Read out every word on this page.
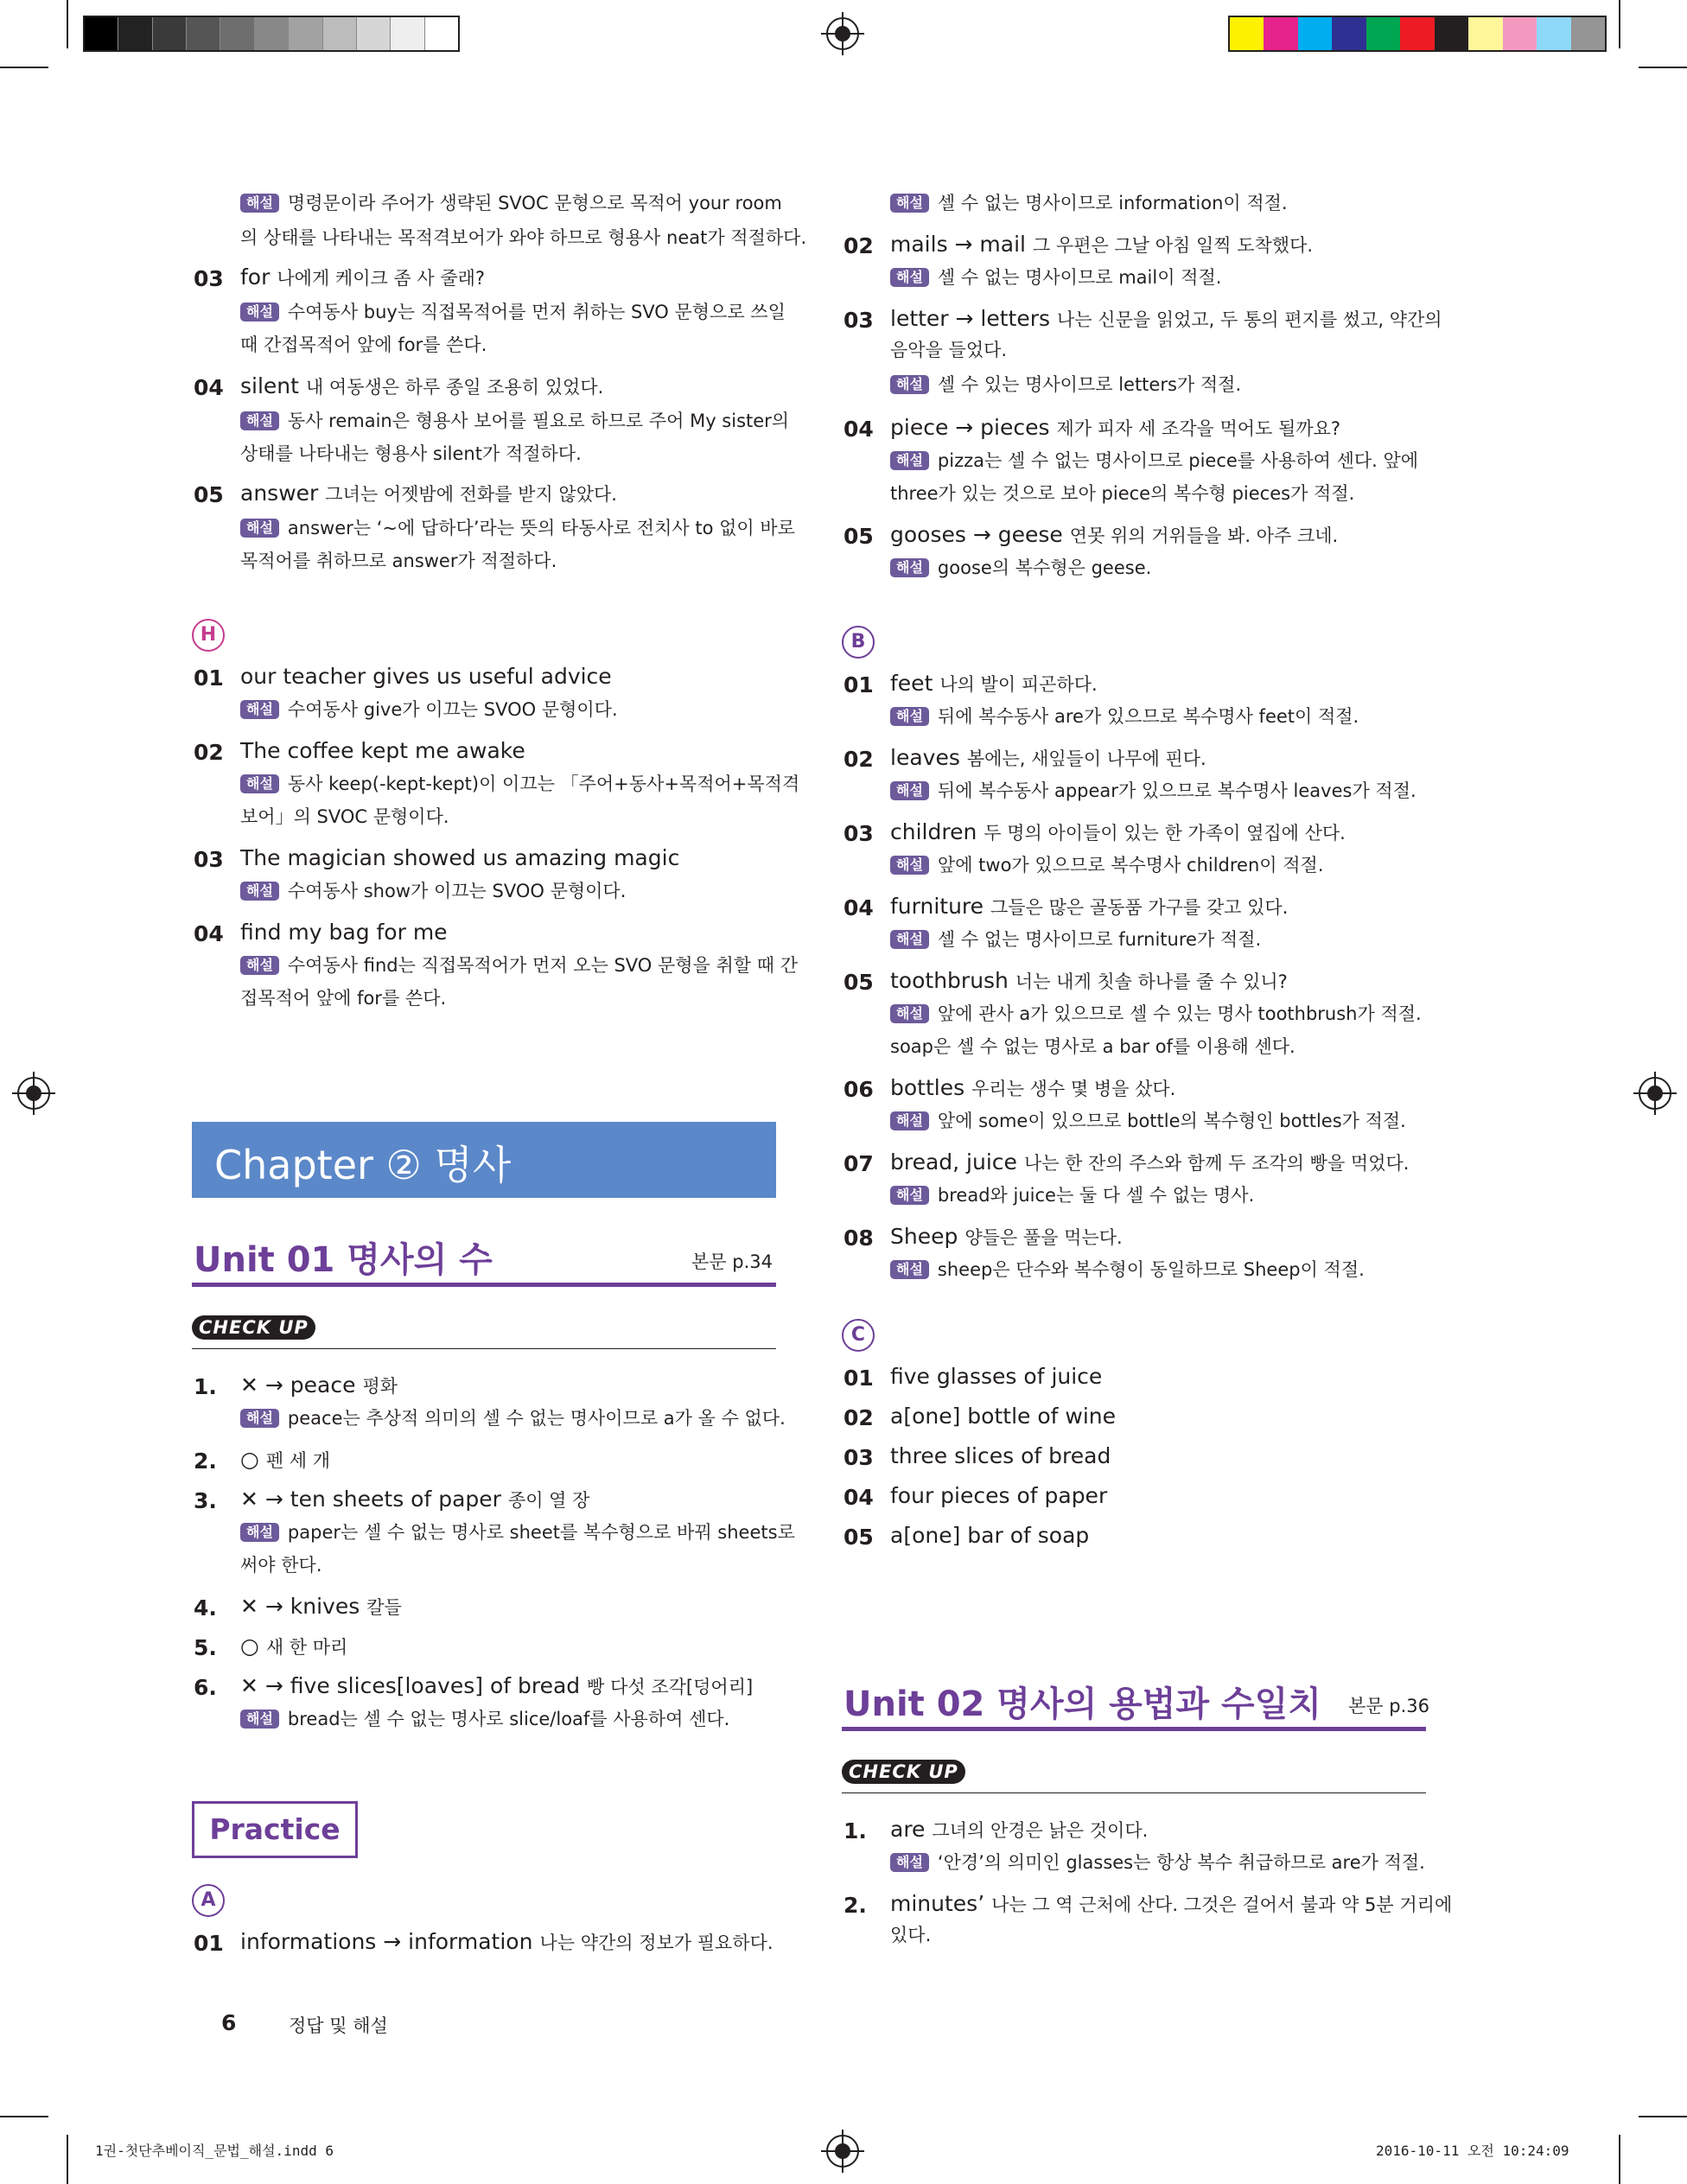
해설 명령문이라 주어가 생략된 SVOC 문형으로 목적어 your room
의 상태를 나타내는 목적격보어가 와야 하므로 형용사 neat가 적절하다.
03 for 나에게 케이크 좀 사 줄래?
해설 수여동사 buy는 직접목적어를 먼저 취하는 SVO 문형으로 쓰일
때 간접목적어 앞에 for를 쓴다.
04 silent 내 여동생은 하루 종일 조용히 있었다.
해설 동사 remain은 형용사 보어를 필요로 하므로 주어 My sister의
상태를 나타내는 형용사 silent가 적절하다.
05 answer 그녀는 어젯밤에 전화를 받지 않았다.
해설 answer는 ‘~에 답하다’라는 뜻의 타동사로 전치사 to 없이 바로
목적어를 취하므로 answer가 적절하다.
H
01 our teacher gives us useful advice
해설 수여동사 give가 이끄는 SVOO 문형이다.
02 The coffee kept me awake
해설 동사 keep(-kept-kept)이 이끄는 「주어+동사+목적어+목적격
보어」의 SVOC 문형이다.
03 The magician showed us amazing magic
해설 수여동사 show가 이끄는 SVOO 문형이다.
04 find my bag for me
해설 수여동사 find는 직접목적어가 먼저 오는 SVO 문형을 취할 때 간
접목적어 앞에 for를 쓴다.
Chapter ② 명사
Unit 01 명사의 수	본문 p.34
CHECK UP
1.	✕ → peace 평화
해설 peace는 추상적 의미의 셀 수 없는 명사이므로 a가 올 수 없다.
2.	○ 펜 세 개
3.	✕ → ten sheets of paper 종이 열 장
해설 paper는 셀 수 없는 명사로 sheet를 복수형으로 바꿔 sheets로
써야 한다.
4.	✕ → knives 칼들
5.	○ 새 한 마리
6.	✕ → five slices[loaves] of bread 빵 다섯 조각[덩어리]
해설 bread는 셀 수 없는 명사로 slice/loaf를 사용하여 센다.
Practice
A
01 informations → information 나는 약간의 정보가 필요하다.
6	정답 및 해설
해설 셀 수 없는 명사이므로 information이 적절.
02 mails → mail 그 우편은 그날 아침 일찍 도착했다.
해설 셀 수 없는 명사이므로 mail이 적절.
03 letter → letters 나는 신문을 읽었고, 두 통의 편지를 썼고, 약간의
음악을 들었다.
해설 셀 수 있는 명사이므로 letters가 적절.
04 piece → pieces 제가 피자 세 조각을 먹어도 될까요?
해설 pizza는 셀 수 없는 명사이므로 piece를 사용하여 센다. 앞에
three가 있는 것으로 보아 piece의 복수형 pieces가 적절.
05 gooses → geese 연못 위의 거위들을 봐. 아주 크네.
해설 goose의 복수형은 geese.
B
01 feet 나의 발이 피곤하다.
해설 뒤에 복수동사 are가 있으므로 복수명사 feet이 적절.
02 leaves 봄에는, 새잎들이 나무에 핀다.
해설 뒤에 복수동사 appear가 있으므로 복수명사 leaves가 적절.
03 children 두 명의 아이들이 있는 한 가족이 옆집에 산다.
해설 앞에 two가 있으므로 복수명사 children이 적절.
04 furniture 그들은 많은 골동품 가구를 갖고 있다.
해설 셀 수 없는 명사이므로 furniture가 적절.
05 toothbrush 너는 내게 칫솔 하나를 줄 수 있니?
해설 앞에 관사 a가 있으므로 셀 수 있는 명사 toothbrush가 적절.
soap은 셀 수 없는 명사로 a bar of를 이용해 센다.
06 bottles 우리는 생수 몇 병을 샀다.
해설 앞에 some이 있으므로 bottle의 복수형인 bottles가 적절.
07 bread, juice 나는 한 잔의 주스와 함께 두 조각의 빵을 먹었다.
해설 bread와 juice는 둘 다 셀 수 없는 명사.
08 Sheep 양들은 풀을 먹는다.
해설 sheep은 단수와 복수형이 동일하므로 Sheep이 적절.
C
01 five glasses of juice
02 a[one] bottle of wine
03 three slices of bread
04 four pieces of paper
05 a[one] bar of soap
Unit 02 명사의 용법과 수일치 본문 p.36
CHECK UP
1.	are 그녀의 안경은 낡은 것이다.
해설 ‘안경’의 의미인 glasses는 항상 복수 취급하므로 are가 적절.
2.	minutes’ 나는 그 역 근처에 산다. 그것은 걸어서 불과 약 5분 거리에
있다.
1권-첫단추베이직_문법_해설.indd 6	2016-10-11 오전 10:24:09
